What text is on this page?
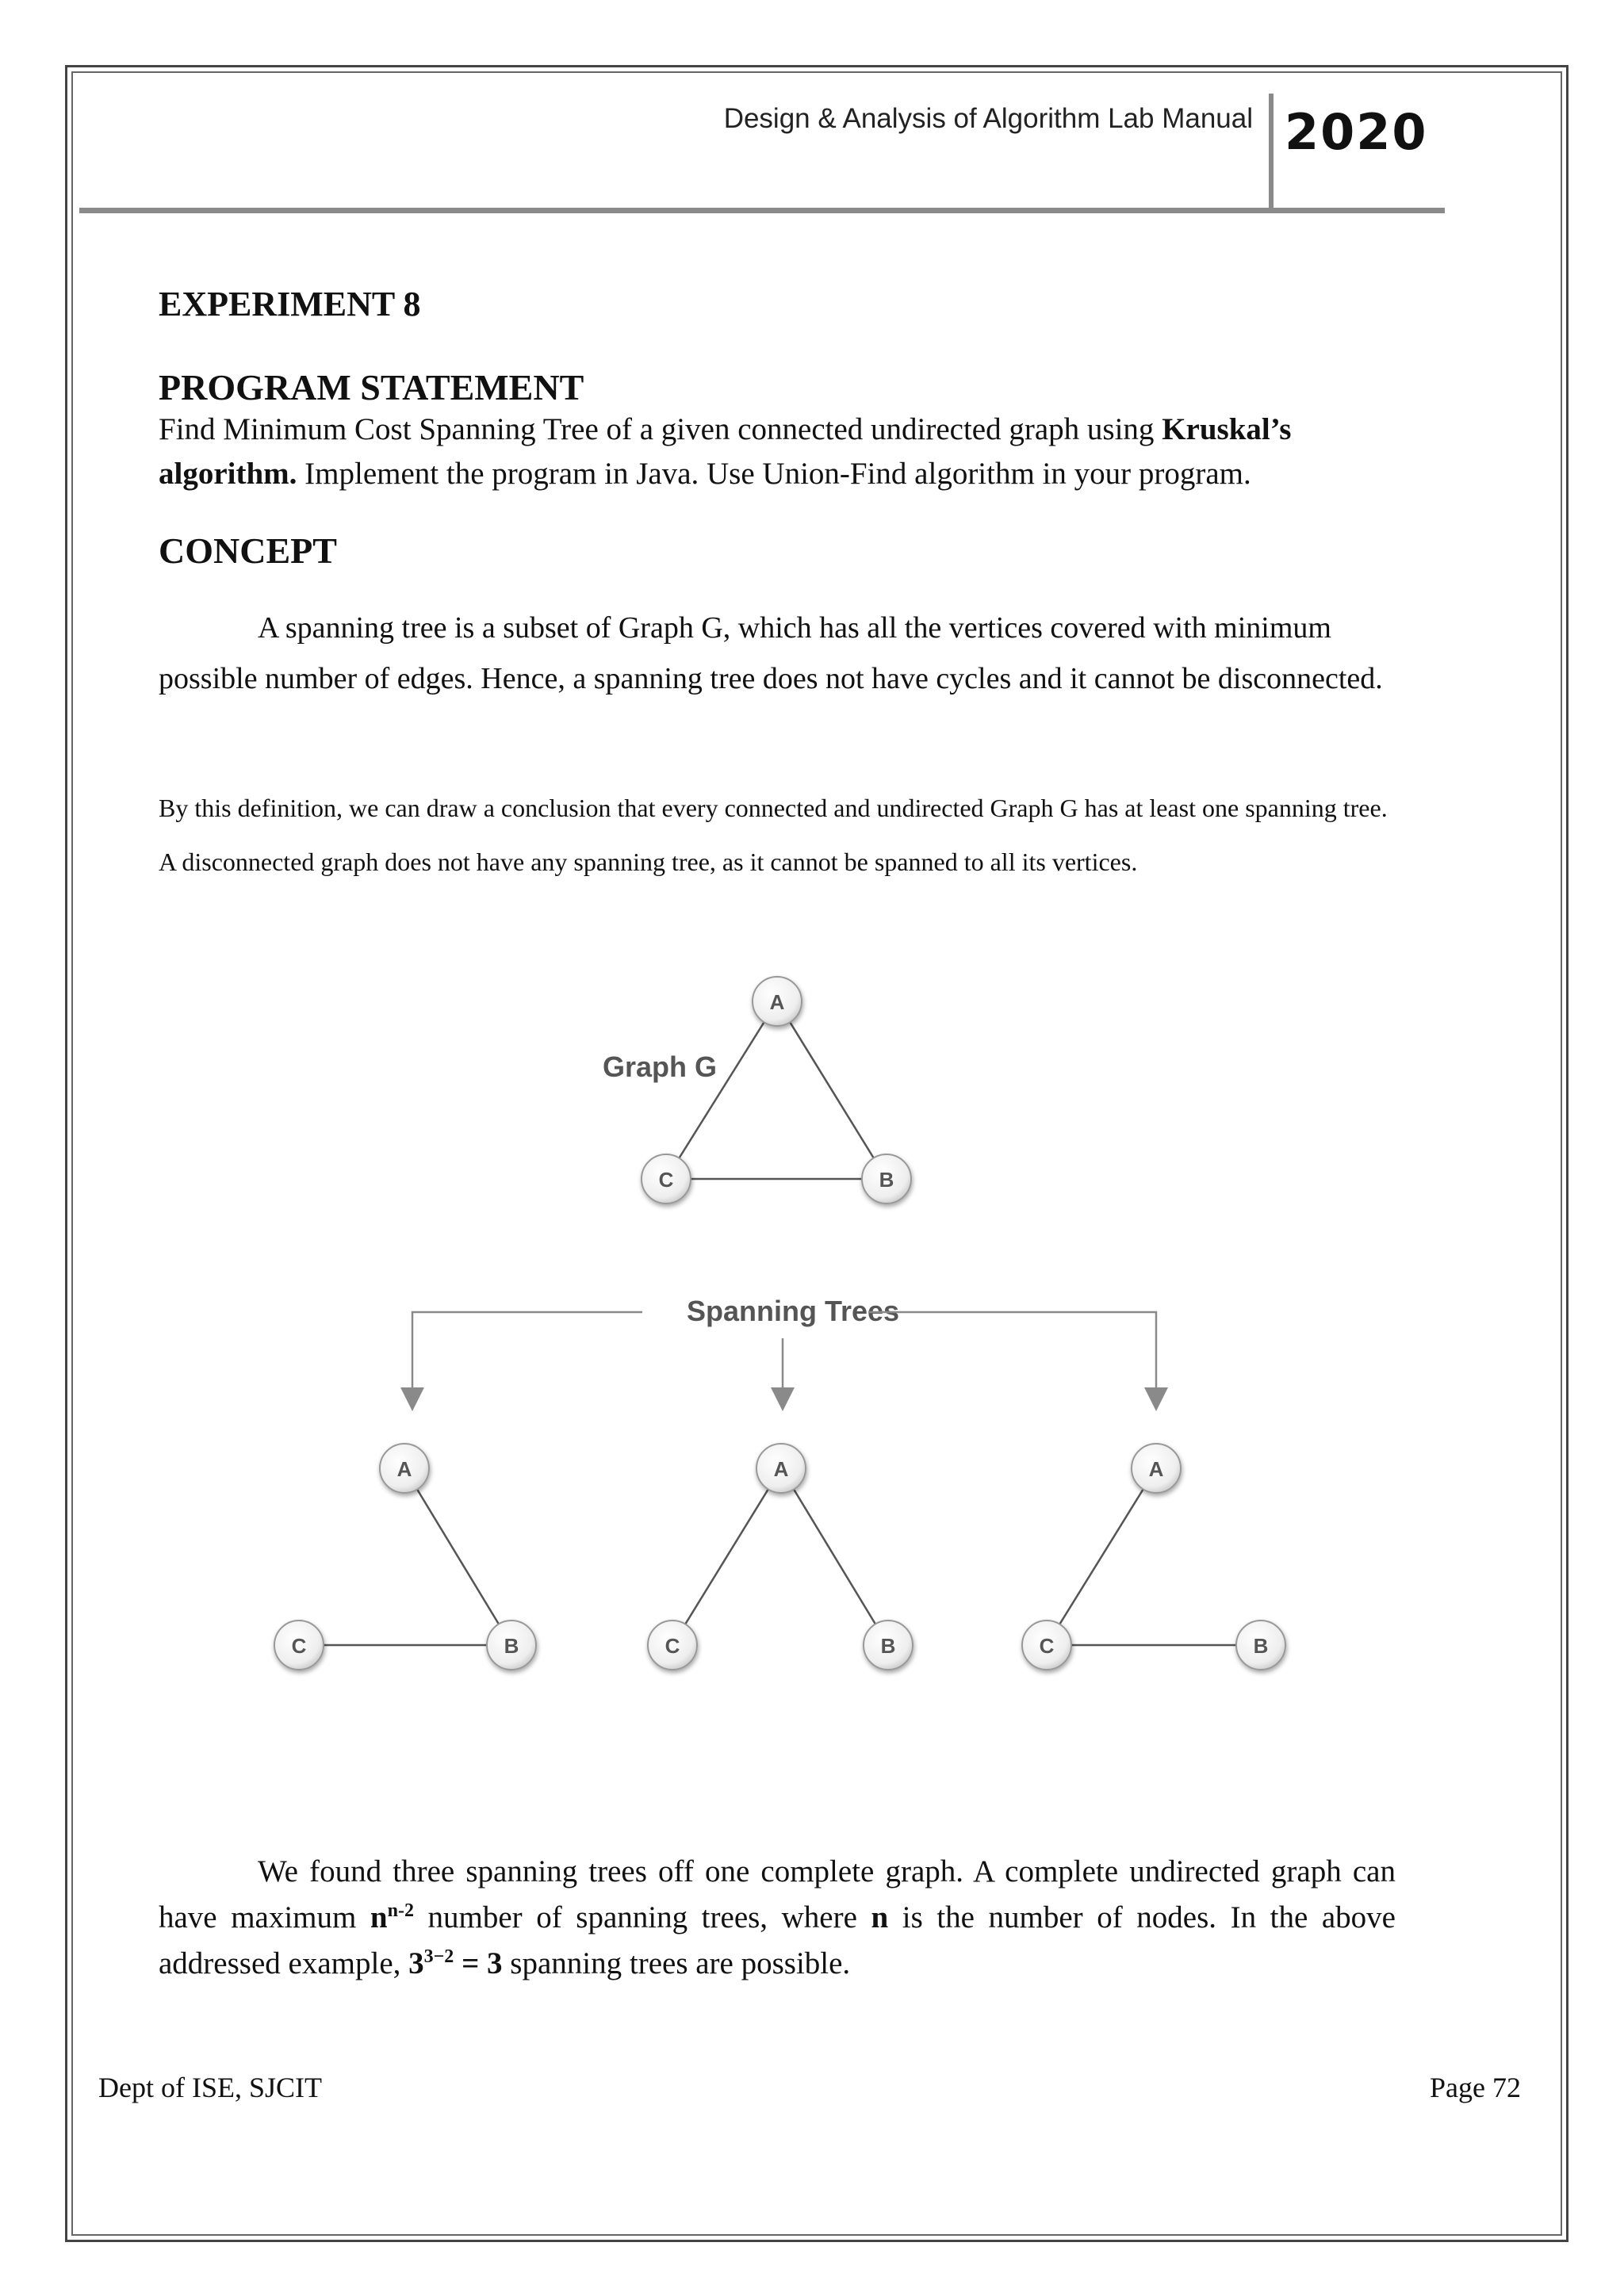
Design & Analysis of Algorithm Lab Manual 2020
EXPERIMENT 8
PROGRAM STATEMENT
Find Minimum Cost Spanning Tree of a given connected undirected graph using Kruskal’s algorithm. Implement the program in Java. Use Union-Find algorithm in your program.
CONCEPT
A spanning tree is a subset of Graph G, which has all the vertices covered with minimum possible number of edges. Hence, a spanning tree does not have cycles and it cannot be disconnected.
By this definition, we can draw a conclusion that every connected and undirected Graph G has at least one spanning tree. A disconnected graph does not have any spanning tree, as it cannot be spanned to all its vertices.
Graph G
Spanning Trees
A
C	B
A
C	B
A
C	B
A
C	B
We found three spanning trees off one complete graph. A complete undirected graph can have maximum $n^{n-2}$ number of spanning trees, where n is the number of nodes. In the above addressed example, $3^{3-2} = 3$ spanning trees are possible.
Dept of ISE, SJCIT	Page 72
